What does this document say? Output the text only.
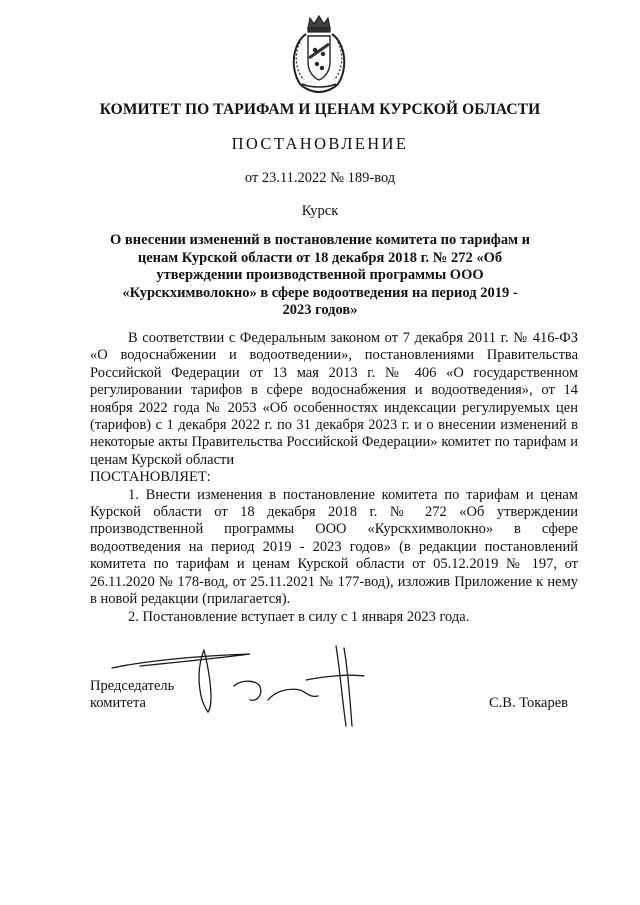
КОМИТЕТ ПО ТАРИФАМ И ЦЕНАМ КУРСКОЙ ОБЛАСТИ
ПОСТАНОВЛЕНИЕ
от 23.11.2022 № 189-вод
Курск
О внесении изменений в постановление комитета по тарифам и ценам Курской области от 18 декабря 2018 г. № 272 «Об утверждении производственной программы ООО «Курскхимволокно» в сфере водоотведения на период 2019 - 2023 годов»

В соответствии с Федеральным законом от 7 декабря 2011 г. № 416-ФЗ «О водоснабжении и водоотведении», постановлениями Правительства Российской Федерации от 13 мая 2013 г. № 406 «О государственном регулировании тарифов в сфере водоснабжения и водоотведения», от 14 ноября 2022 года № 2053 «Об особенностях индексации регулируемых цен (тарифов) с 1 декабря 2022 г. по 31 декабря 2023 г. и о внесении изменений в некоторые акты Правительства Российской Федерации» комитет по тарифам и ценам Курской области

ПОСТАНОВЛЯЕТ:

1. Внести изменения в постановление комитета по тарифам и ценам Курской области от 18 декабря 2018 г. № 272 «Об утверждении производственной программы ООО «Курскхимволокно» в сфере водоотведения на период 2019 - 2023 годов» (в редакции постановлений комитета по тарифам и ценам Курской области от 05.12.2019 № 197, от 26.11.2020 № 178-вод, от 25.11.2021 № 177-вод), изложив Приложение к нему в новой редакции (прилагается).

2. Постановление вступает в силу с 1 января 2023 года.

Председатель
комитета	С.В. Токарев
